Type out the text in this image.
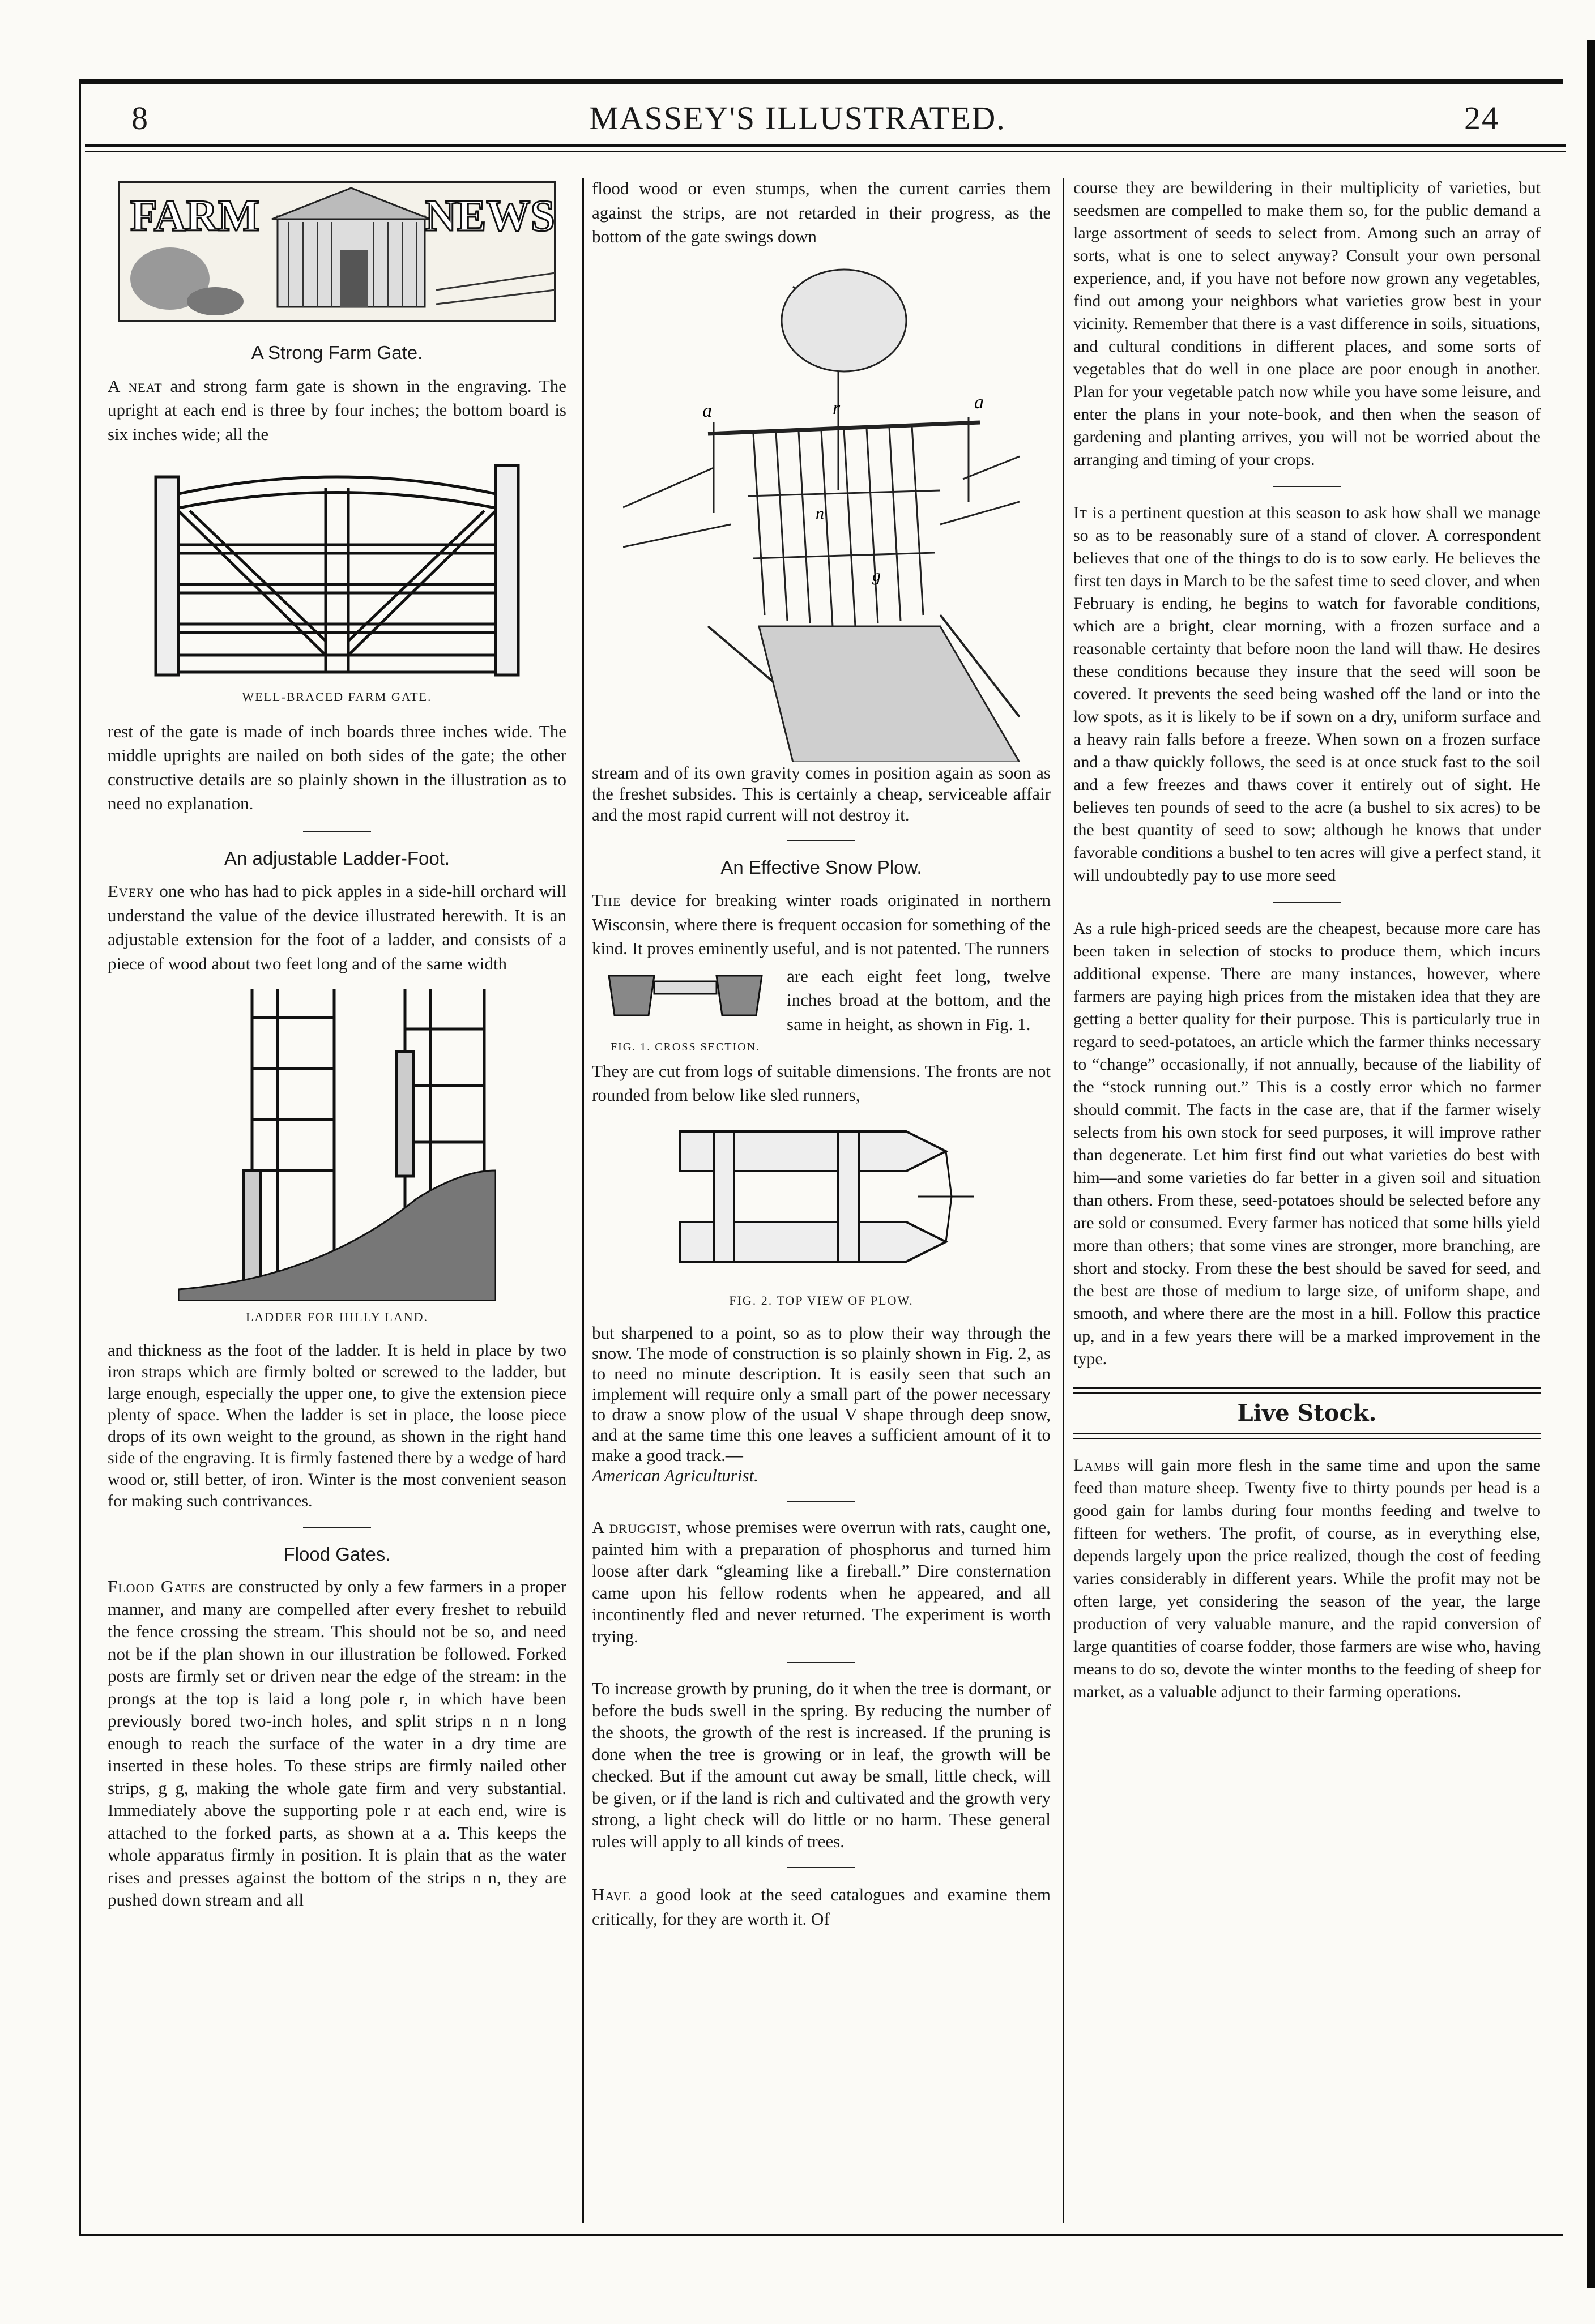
8	MASSEY'S ILLUSTRATED.	24
FARM	NEWS
A Strong Farm Gate.

A neat and strong farm gate is shown in the engraving. The upright at each end is three by four inches; the bottom board is six inches wide; all the

WELL-BRACED FARM GATE.

rest of the gate is made of inch boards three inches wide. The middle uprights are nailed on both sides of the gate; the other constructive details are so plainly shown in the illustration as to need no explanation.

An adjustable Ladder-Foot.

Every one who has had to pick apples in a side-hill orchard will understand the value of the device illustrated herewith. It is an adjustable extension for the foot of a ladder, and consists of a piece of wood about two feet long and of the same width

LADDER FOR HILLY LAND.

and thickness as the foot of the ladder. It is held in place by two iron straps which are firmly bolted or screwed to the ladder, but large enough, especially the upper one, to give the extension piece plenty of space. When the ladder is set in place, the loose piece drops of its own weight to the ground, as shown in the right hand side of the engraving. It is firmly fastened there by a wedge of hard wood or, still better, of iron. Winter is the most convenient season for making such contrivances.

Flood Gates.

Flood Gates are constructed by only a few farmers in a proper manner, and many are compelled after every freshet to rebuild the fence crossing the stream. This should not be so, and need not be if the plan shown in our illustration be followed. Forked posts are firmly set or driven near the edge of the stream: in the prongs at the top is laid a long pole r, in which have been previously bored two-inch holes, and split strips n n n long enough to reach the surface of the water in a dry time are inserted in these holes. To these strips are firmly nailed other strips, g g, making the whole gate firm and very substantial. Immediately above the supporting pole r at each end, wire is attached to the forked parts, as shown at a a. This keeps the whole apparatus firmly in position. It is plain that as the water rises and presses against the bottom of the strips n n, they are pushed down stream and all

flood wood or even stumps, when the current carries them against the strips, are not retarded in their progress, as the bottom of the gate swings down

a	r	a
n
g

stream and of its own gravity comes in position again as soon as the freshet subsides. This is certainly a cheap, serviceable affair and the most rapid current will not destroy it.

An Effective Snow Plow.

The device for breaking winter roads originated in northern Wisconsin, where there is frequent occasion for something of the kind. It proves eminently useful, and is not patented. The runners

FIG. 1. CROSS SECTION.

are each eight feet long, twelve inches broad at the bottom, and the same in height, as shown in Fig. 1.

They are cut from logs of suitable dimensions. The fronts are not rounded from below like sled runners,

FIG. 2. TOP VIEW OF PLOW.

but sharpened to a point, so as to plow their way through the snow. The mode of construction is so plainly shown in Fig. 2, as to need no minute description. It is easily seen that such an implement will require only a small part of the power necessary to draw a snow plow of the usual V shape through deep snow, and at the same time this one leaves a sufficient amount of it to make a good track.—
American Agriculturist.

A druggist, whose premises were overrun with rats, caught one, painted him with a preparation of phosphorus and turned him loose after dark “gleaming like a fireball.” Dire consternation came upon his fellow rodents when he appeared, and all incontinently fled and never returned. The experiment is worth trying.

To increase growth by pruning, do it when the tree is dormant, or before the buds swell in the spring. By reducing the number of the shoots, the growth of the rest is increased. If the pruning is done when the tree is growing or in leaf, the growth will be checked. But if the amount cut away be small, little check, will be given, or if the land is rich and cultivated and the growth very strong, a light check will do little or no harm. These general rules will apply to all kinds of trees.

Have a good look at the seed catalogues and examine them critically, for they are worth it. Of

course they are bewildering in their multiplicity of varieties, but seedsmen are compelled to make them so, for the public demand a large assortment of seeds to select from. Among such an array of sorts, what is one to select anyway? Consult your own personal experience, and, if you have not before now grown any vegetables, find out among your neighbors what varieties grow best in your vicinity. Remember that there is a vast difference in soils, situations, and cultural conditions in different places, and some sorts of vegetables that do well in one place are poor enough in another. Plan for your vegetable patch now while you have some leisure, and enter the plans in your note-book, and then when the season of gardening and planting arrives, you will not be worried about the arranging and timing of your crops.

It is a pertinent question at this season to ask how shall we manage so as to be reasonably sure of a stand of clover. A correspondent believes that one of the things to do is to sow early. He believes the first ten days in March to be the safest time to seed clover, and when February is ending, he begins to watch for favorable conditions, which are a bright, clear morning, with a frozen surface and a reasonable certainty that before noon the land will thaw. He desires these conditions because they insure that the seed will soon be covered. It prevents the seed being washed off the land or into the low spots, as it is likely to be if sown on a dry, uniform surface and a heavy rain falls before a freeze. When sown on a frozen surface and a thaw quickly follows, the seed is at once stuck fast to the soil and a few freezes and thaws cover it entirely out of sight. He believes ten pounds of seed to the acre (a bushel to six acres) to be the best quantity of seed to sow; although he knows that under favorable conditions a bushel to ten acres will give a perfect stand, it will undoubtedly pay to use more seed

As a rule high-priced seeds are the cheapest, because more care has been taken in selection of stocks to produce them, which incurs additional expense. There are many instances, however, where farmers are paying high prices from the mistaken idea that they are getting a better quality for their purpose. This is particularly true in regard to seed-potatoes, an article which the farmer thinks necessary to “change” occasionally, if not annually, because of the liability of the “stock running out.” This is a costly error which no farmer should commit. The facts in the case are, that if the farmer wisely selects from his own stock for seed purposes, it will improve rather than degenerate. Let him first find out what varieties do best with him—and some varieties do far better in a given soil and situation than others. From these, seed-potatoes should be selected before any are sold or consumed. Every farmer has noticed that some hills yield more than others; that some vines are stronger, more branching, are short and stocky. From these the best should be saved for seed, and the best are those of medium to large size, of uniform shape, and smooth, and where there are the most in a hill. Follow this practice up, and in a few years there will be a marked improvement in the type.

Live Stock.

Lambs will gain more flesh in the same time and upon the same feed than mature sheep. Twenty five to thirty pounds per head is a good gain for lambs during four months feeding and twelve to fifteen for wethers. The profit, of course, as in everything else, depends largely upon the price realized, though the cost of feeding varies considerably in different years. While the profit may not be often large, yet considering the season of the year, the large production of very valuable manure, and the rapid conversion of large quantities of coarse fodder, those farmers are wise who, having means to do so, devote the winter months to the feeding of sheep for market, as a valuable adjunct to their farming operations.
